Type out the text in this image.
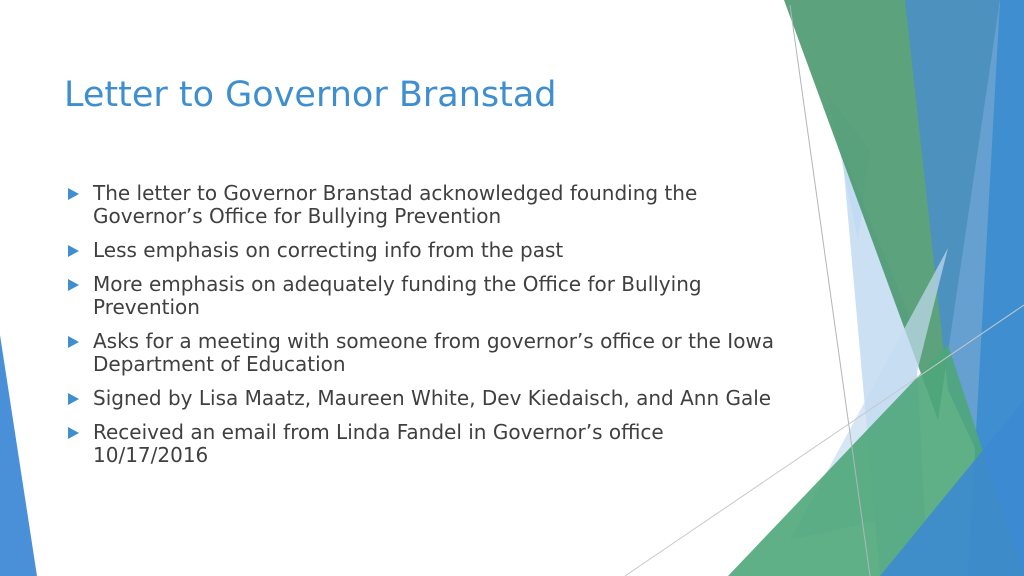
Letter to Governor Branstad
The letter to Governor Branstad acknowledged founding the Governor’s Office for Bullying Prevention
Less emphasis on correcting info from the past
More emphasis on adequately funding the Office for Bullying Prevention
Asks for a meeting with someone from governor’s office or the Iowa Department of Education
Signed by Lisa Maatz, Maureen White, Dev Kiedaisch, and Ann Gale
Received an email from Linda Fandel in Governor’s office 10/17/2016
